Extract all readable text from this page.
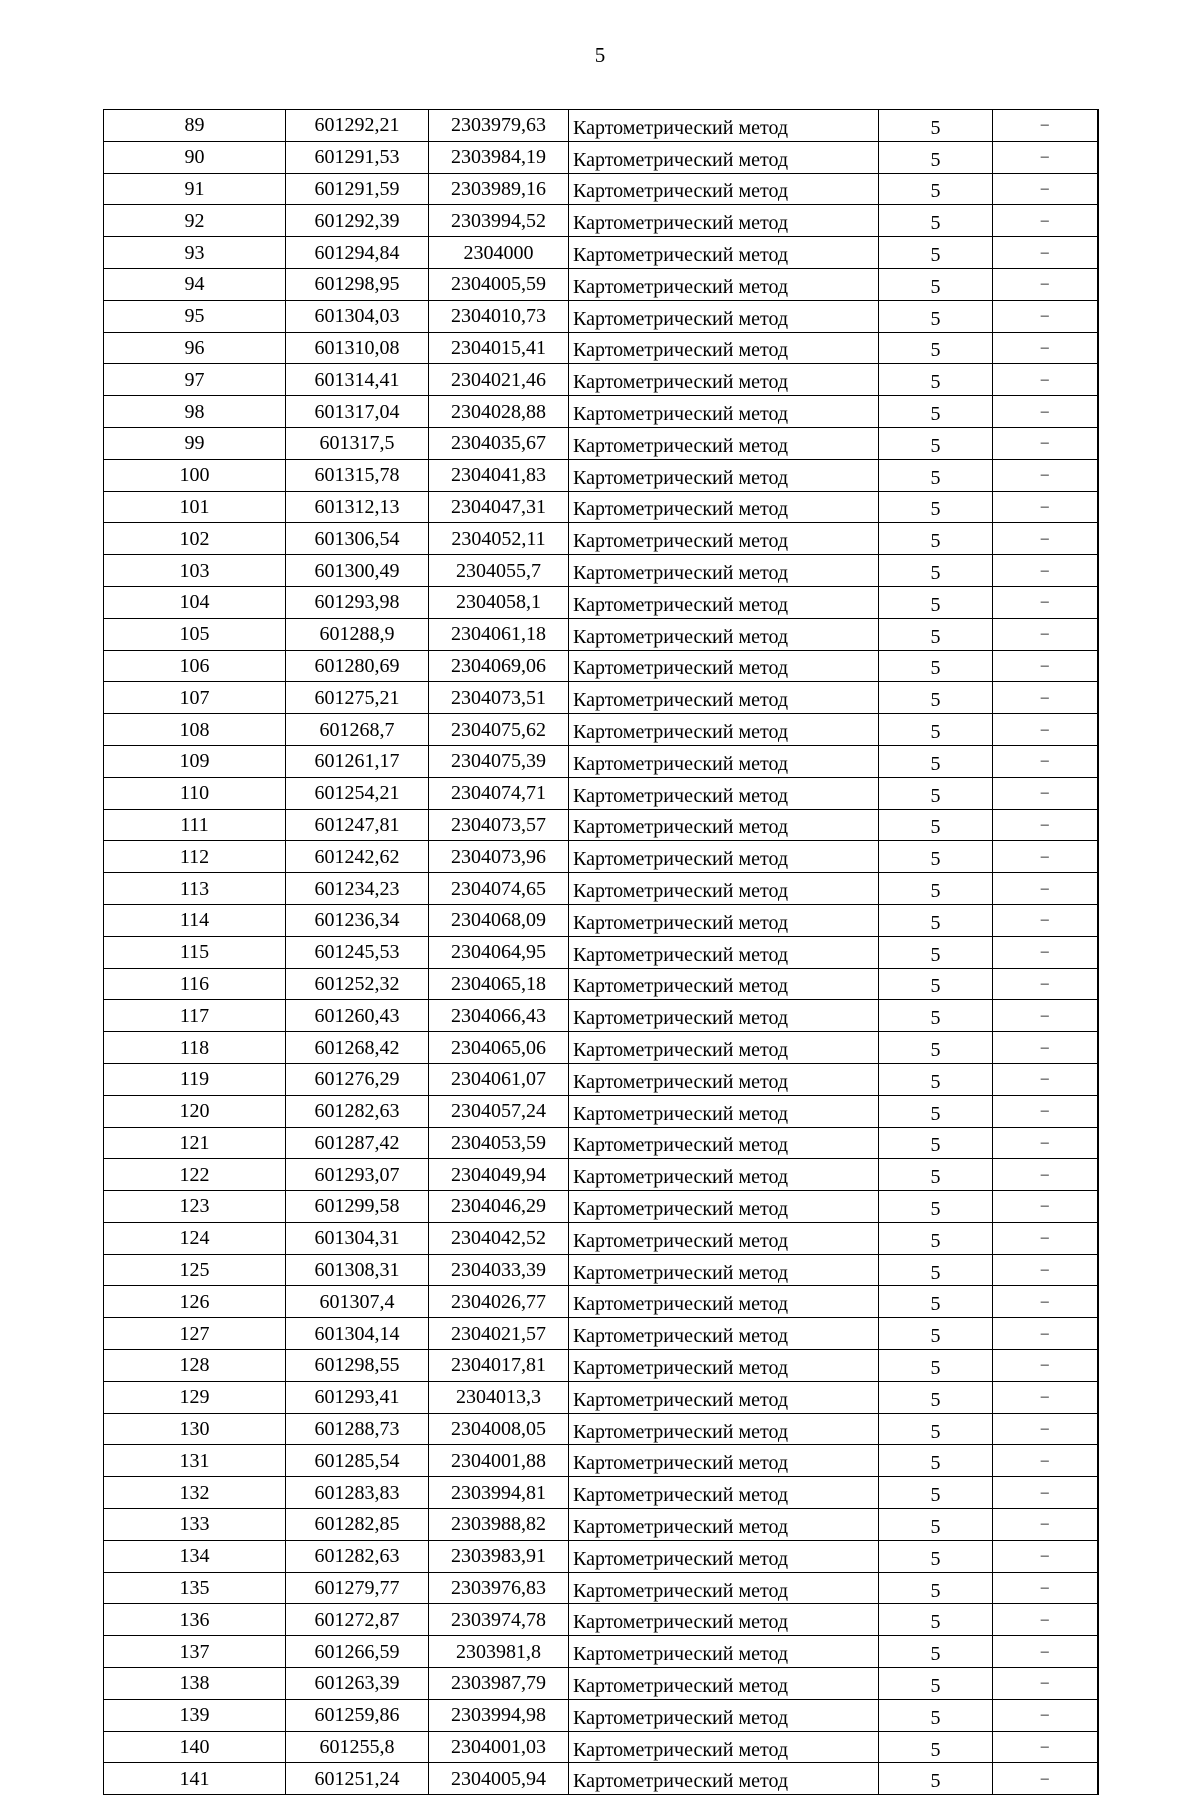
5
89	601292,21	2303979,63	Картометрический метод	5	–
90	601291,53	2303984,19	Картометрический метод	5	–
91	601291,59	2303989,16	Картометрический метод	5	–
92	601292,39	2303994,52	Картометрический метод	5	–
93	601294,84	2304000	Картометрический метод	5	–
94	601298,95	2304005,59	Картометрический метод	5	–
95	601304,03	2304010,73	Картометрический метод	5	–
96	601310,08	2304015,41	Картометрический метод	5	–
97	601314,41	2304021,46	Картометрический метод	5	–
98	601317,04	2304028,88	Картометрический метод	5	–
99	601317,5	2304035,67	Картометрический метод	5	–
100	601315,78	2304041,83	Картометрический метод	5	–
101	601312,13	2304047,31	Картометрический метод	5	–
102	601306,54	2304052,11	Картометрический метод	5	–
103	601300,49	2304055,7	Картометрический метод	5	–
104	601293,98	2304058,1	Картометрический метод	5	–
105	601288,9	2304061,18	Картометрический метод	5	–
106	601280,69	2304069,06	Картометрический метод	5	–
107	601275,21	2304073,51	Картометрический метод	5	–
108	601268,7	2304075,62	Картометрический метод	5	–
109	601261,17	2304075,39	Картометрический метод	5	–
110	601254,21	2304074,71	Картометрический метод	5	–
111	601247,81	2304073,57	Картометрический метод	5	–
112	601242,62	2304073,96	Картометрический метод	5	–
113	601234,23	2304074,65	Картометрический метод	5	–
114	601236,34	2304068,09	Картометрический метод	5	–
115	601245,53	2304064,95	Картометрический метод	5	–
116	601252,32	2304065,18	Картометрический метод	5	–
117	601260,43	2304066,43	Картометрический метод	5	–
118	601268,42	2304065,06	Картометрический метод	5	–
119	601276,29	2304061,07	Картометрический метод	5	–
120	601282,63	2304057,24	Картометрический метод	5	–
121	601287,42	2304053,59	Картометрический метод	5	–
122	601293,07	2304049,94	Картометрический метод	5	–
123	601299,58	2304046,29	Картометрический метод	5	–
124	601304,31	2304042,52	Картометрический метод	5	–
125	601308,31	2304033,39	Картометрический метод	5	–
126	601307,4	2304026,77	Картометрический метод	5	–
127	601304,14	2304021,57	Картометрический метод	5	–
128	601298,55	2304017,81	Картометрический метод	5	–
129	601293,41	2304013,3	Картометрический метод	5	–
130	601288,73	2304008,05	Картометрический метод	5	–
131	601285,54	2304001,88	Картометрический метод	5	–
132	601283,83	2303994,81	Картометрический метод	5	–
133	601282,85	2303988,82	Картометрический метод	5	–
134	601282,63	2303983,91	Картометрический метод	5	–
135	601279,77	2303976,83	Картометрический метод	5	–
136	601272,87	2303974,78	Картометрический метод	5	–
137	601266,59	2303981,8	Картометрический метод	5	–
138	601263,39	2303987,79	Картометрический метод	5	–
139	601259,86	2303994,98	Картометрический метод	5	–
140	601255,8	2304001,03	Картометрический метод	5	–
141	601251,24	2304005,94	Картометрический метод	5	–
